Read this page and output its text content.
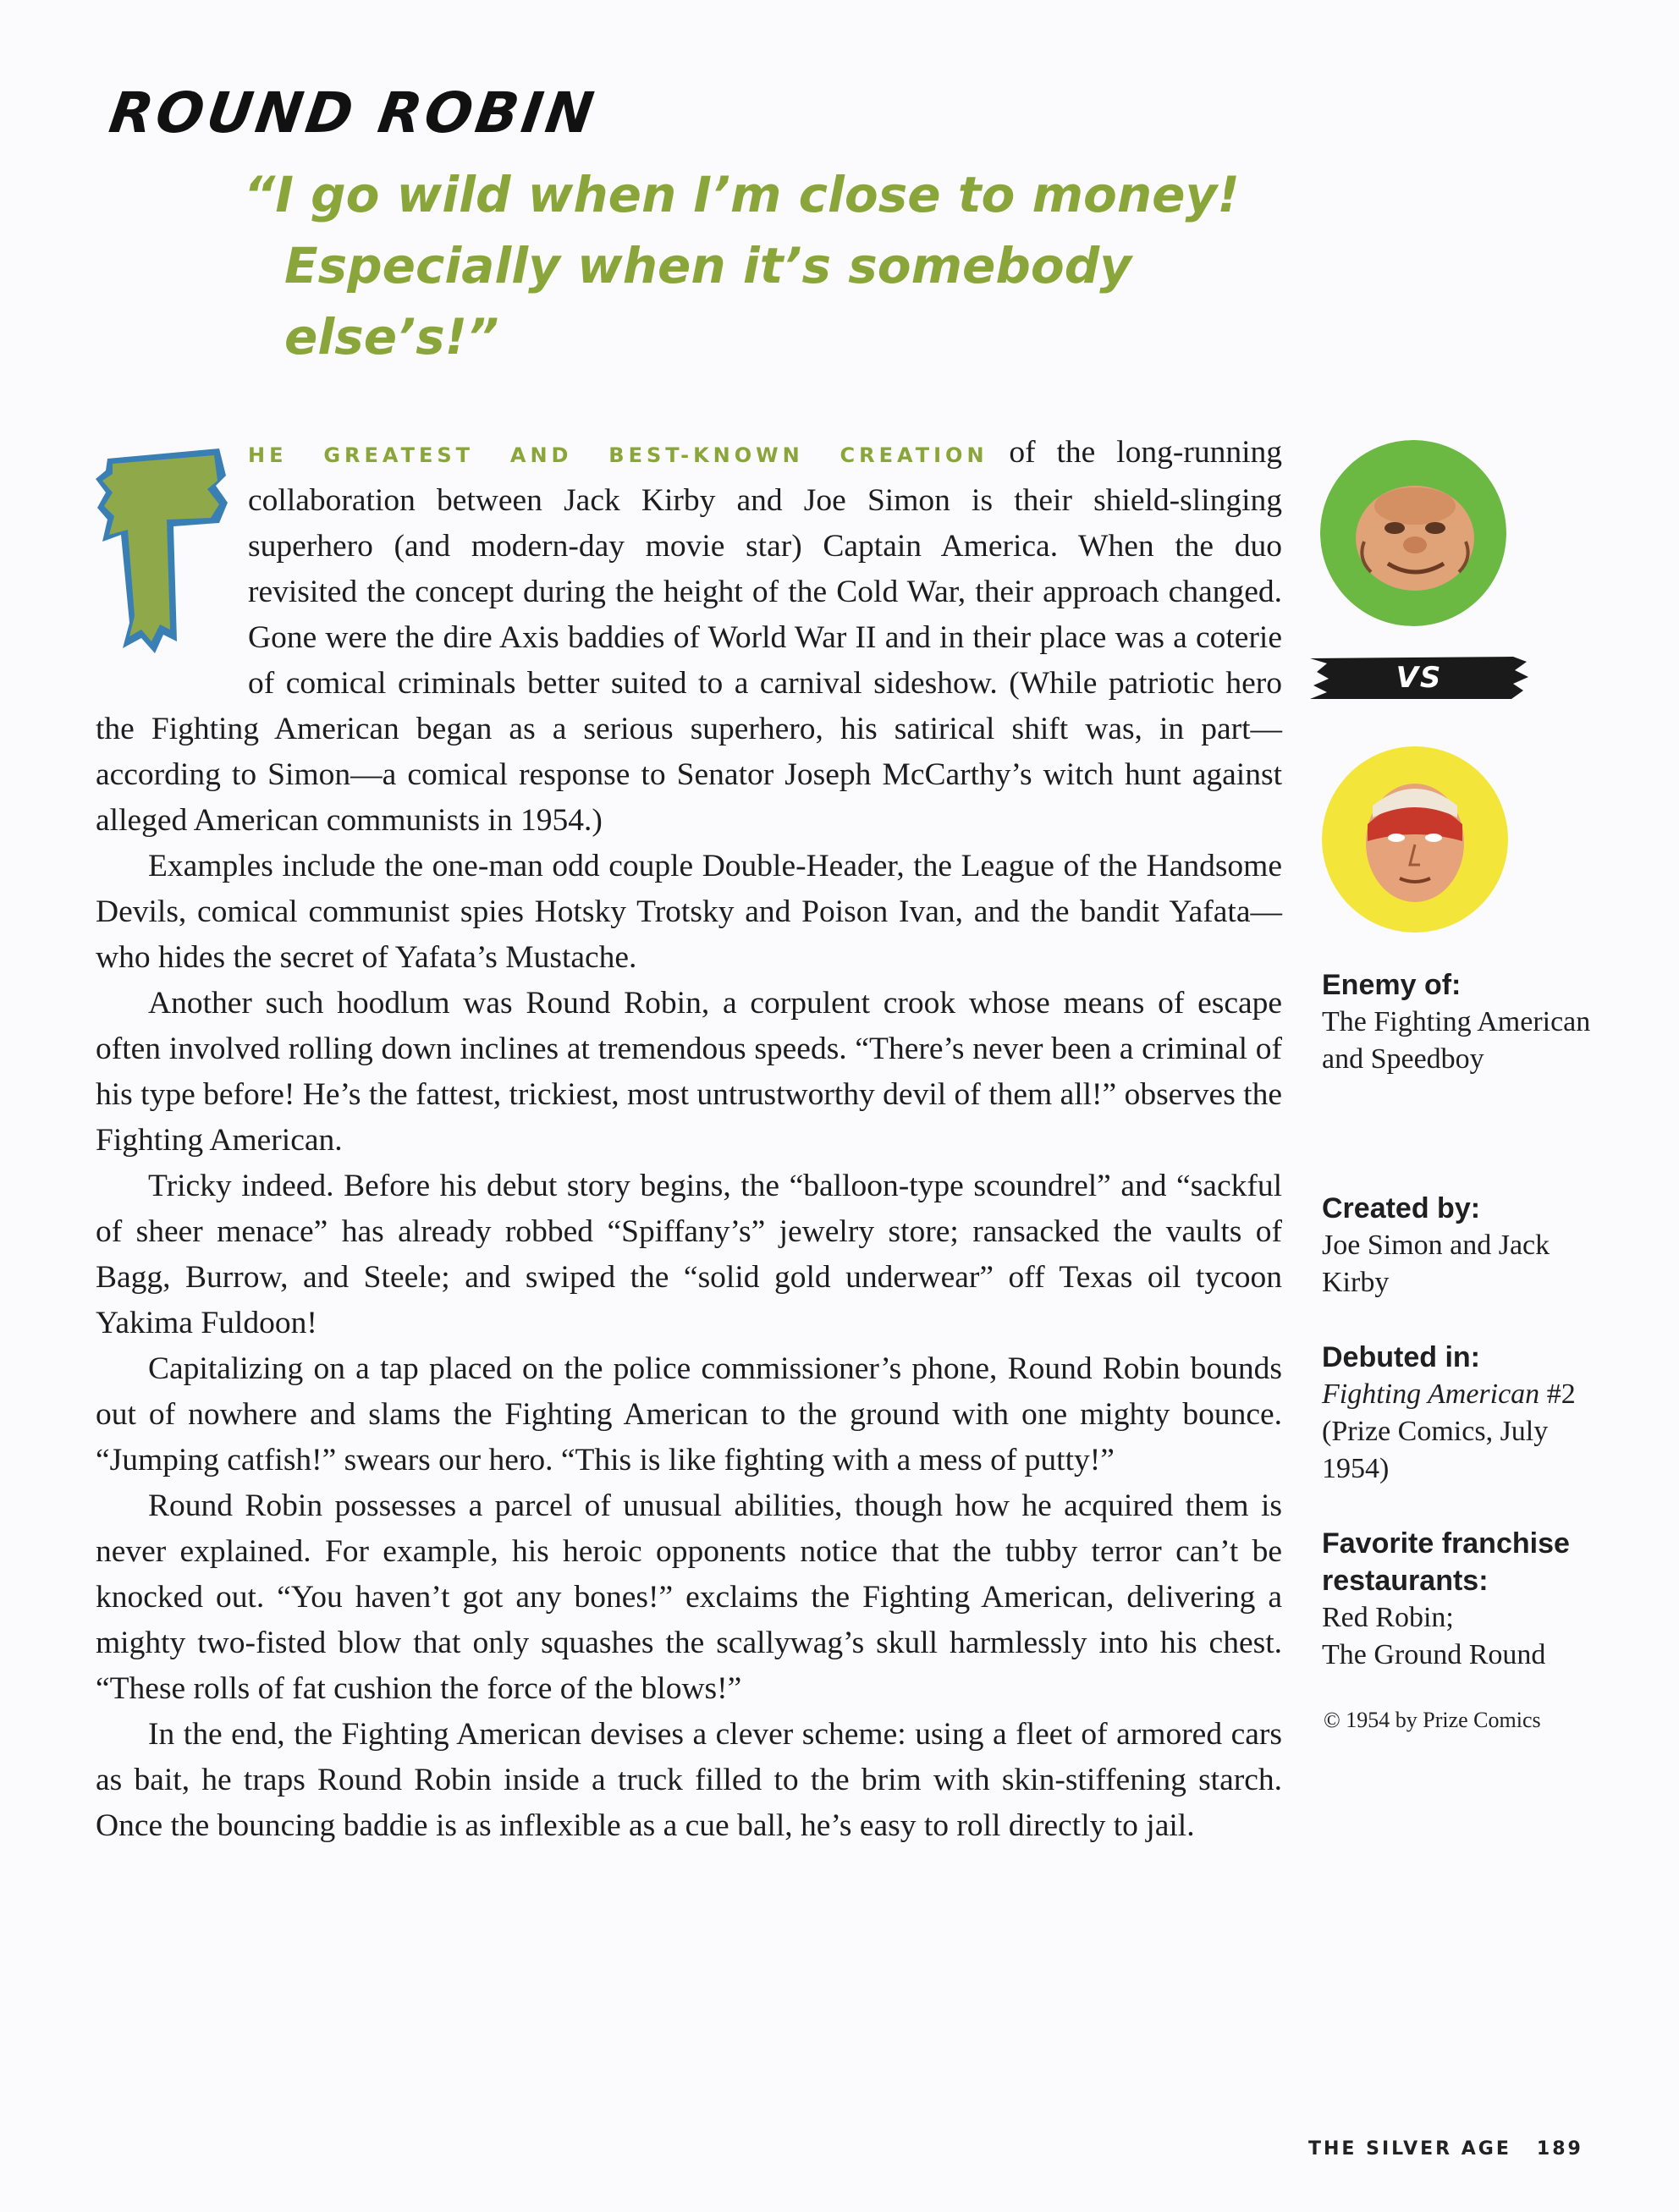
ROUND ROBIN
“I go wild when I’m close to money!
Especially when it’s somebody else’s!”

T
HE GREATEST AND BEST-KNOWN CREATION of the long-running collaboration between Jack Kirby and Joe Simon is their shield-slinging superhero (and modern-day movie star) Captain America. When the duo revisited the concept during the height of the Cold War, their approach changed. Gone were the dire Axis baddies of World War II and in their place was a coterie of comical criminals better suited to a carnival sideshow. (While patriotic hero the Fighting American began as a serious superhero, his satirical shift was, in part—according to Simon—a comical response to Senator Joseph McCarthy’s witch hunt against alleged American communists in 1954.)

Examples include the one-man odd couple Double-Header, the League of the Handsome Devils, comical communist spies Hotsky Trotsky and Poison Ivan, and the bandit Yafata—who hides the secret of Yafata’s Mustache.

Another such hoodlum was Round Robin, a corpulent crook whose means of escape often involved rolling down inclines at tremendous speeds. “There’s never been a criminal of his type before! He’s the fattest, trickiest, most untrustworthy devil of them all!” observes the Fighting American.

Tricky indeed. Before his debut story begins, the “balloon-type scoundrel” and “sackful of sheer menace” has already robbed “Spiffany’s” jewelry store; ransacked the vaults of Bagg, Burrow, and Steele; and swiped the “solid gold underwear” off Texas oil tycoon Yakima Fuldoon!

Capitalizing on a tap placed on the police commissioner’s phone, Round Robin bounds out of nowhere and slams the Fighting American to the ground with one mighty bounce. “Jumping catfish!” swears our hero. “This is like fighting with a mess of putty!”

Round Robin possesses a parcel of unusual abilities, though how he acquired them is never explained. For example, his heroic opponents notice that the tubby terror can’t be knocked out. “You haven’t got any bones!” exclaims the Fighting American, delivering a mighty two-fisted blow that only squashes the scallywag’s skull harmlessly into his chest. “These rolls of fat cushion the force of the blows!”

In the end, the Fighting American devises a clever scheme: using a fleet of armored cars as bait, he traps Round Robin inside a truck filled to the brim with skin-stiffening starch. Once the bouncing baddie is as inflexible as a cue ball, he’s easy to roll directly to jail.

VS
Enemy of:
The Fighting American and Speedboy
Created by:
Joe Simon and Jack Kirby
Debuted in:
Fighting American #2 (Prize Comics, July 1954)
Favorite franchise restaurants:
Red Robin;
The Ground Round
© 1954 by Prize Comics
THE SILVER AGE 189
